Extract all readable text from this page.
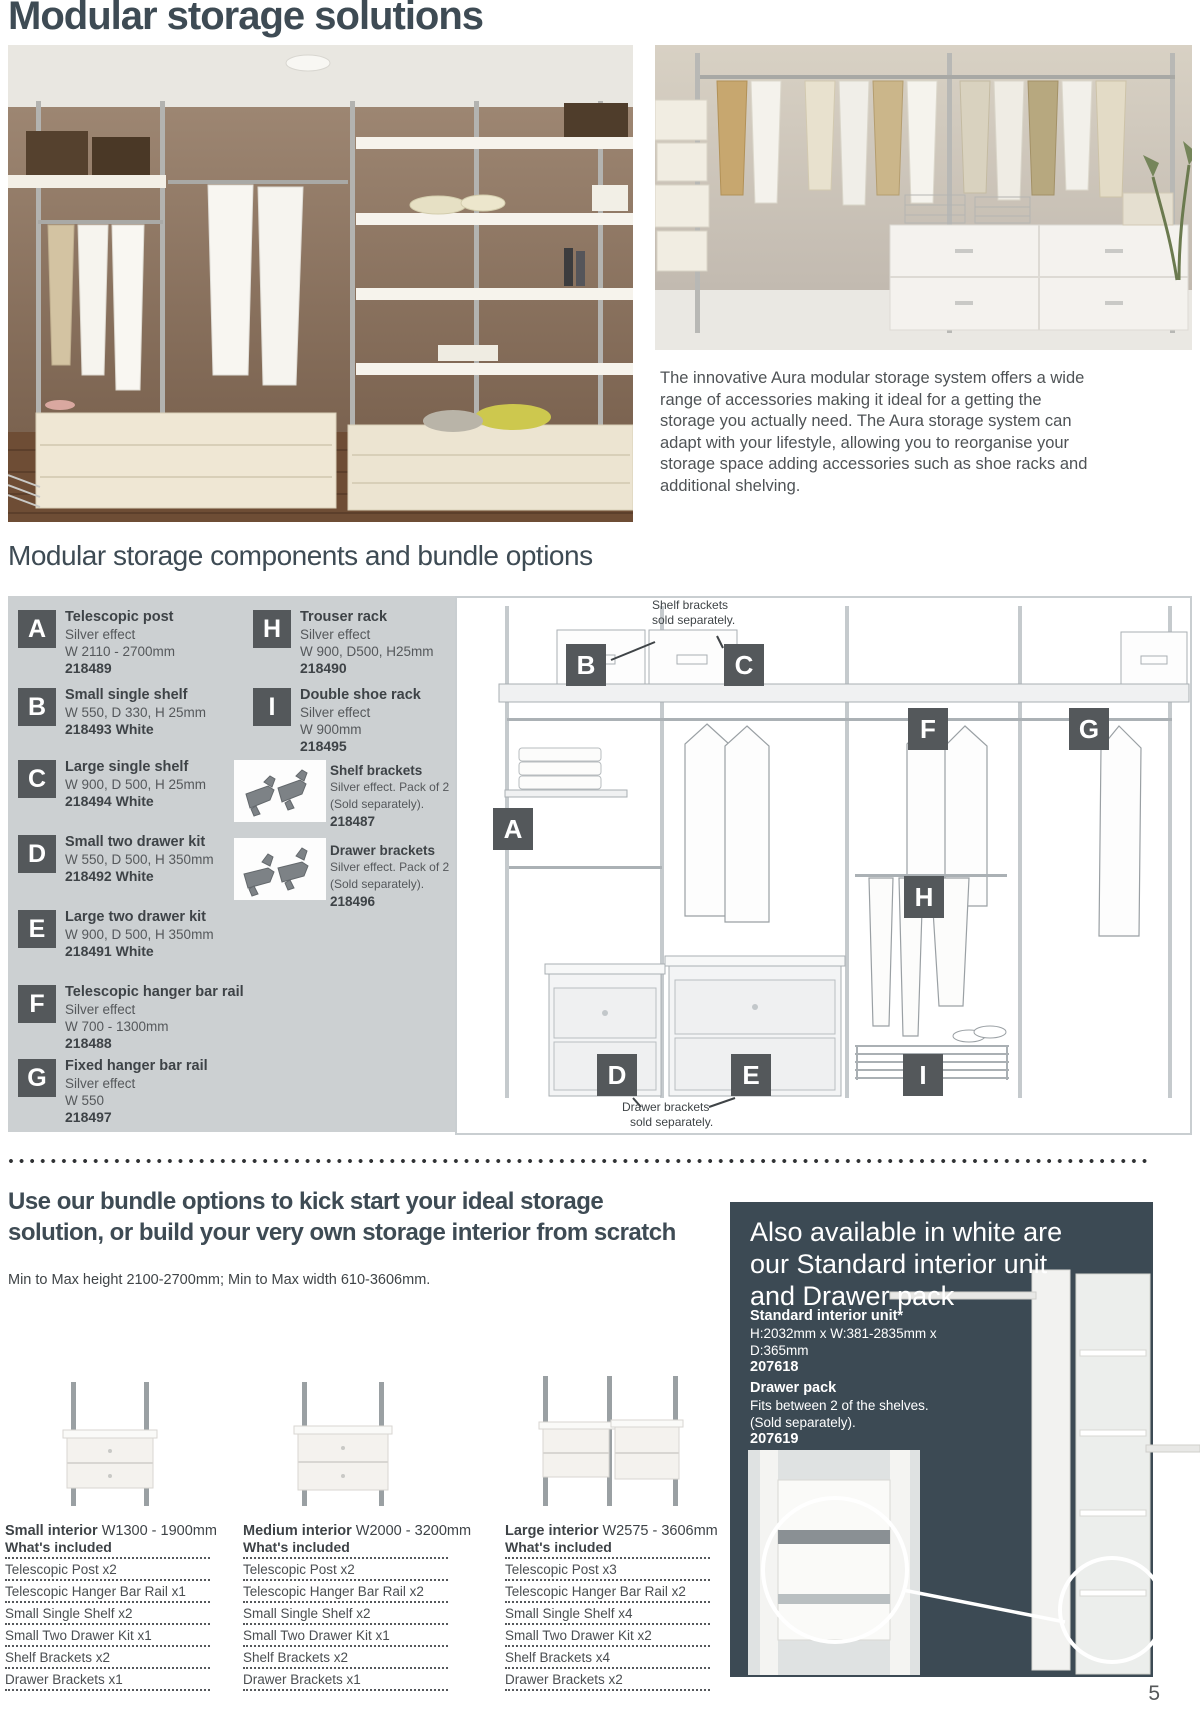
Modular storage solutions
The innovative Aura modular storage system offers a wide range of accessories making it ideal for a getting the storage you actually need. The Aura storage system can adapt with your lifestyle, allowing you to reorganise your storage space adding accessories such as shoe racks and additional shelving.
Modular storage components and bundle options
A	Telescopic post
Silver effect
W 2110 - 2700mm
218489
B	Small single shelf
W 550, D 330, H 25mm
218493 White
C	Large single shelf
W 900, D 500, H 25mm
218494 White
D	Small two drawer kit
W 550, D 500, H 350mm
218492 White
E	Large two drawer kit
W 900, D 500, H 350mm
218491 White
F	Telescopic hanger bar rail
Silver effect
W 700 - 1300mm
218488
G	Fixed hanger bar rail
Silver effect
W 550
218497
H	Trouser rack
Silver effect
W 900, D500, H25mm
218490
I	Double shoe rack
Silver effect
W 900mm
218495
Shelf brackets
Silver effect. Pack of 2
(Sold separately).
218487
Drawer brackets
Silver effect. Pack of 2
(Sold separately).
218496
Shelf brackets
sold separately.
Drawer brackets
sold separately.
A
B	C
D	E
F	G
H
I
Use our bundle options to kick start your ideal storage
solution, or build your very own storage interior from scratch
Min to Max height 2100-2700mm; Min to Max width 610-3606mm.
Small interior W1300 - 1900mm
What's included
Telescopic Post x2
Telescopic Hanger Bar Rail x1
Small Single Shelf x2
Small Two Drawer Kit x1
Shelf Brackets x2
Drawer Brackets x1
Medium interior W2000 - 3200mm
What's included
Telescopic Post x2
Telescopic Hanger Bar Rail x2
Small Single Shelf x2
Small Two Drawer Kit x1
Shelf Brackets x2
Drawer Brackets x1
Large interior W2575 - 3606mm
What's included
Telescopic Post x3
Telescopic Hanger Bar Rail x2
Small Single Shelf x4
Small Two Drawer Kit x2
Shelf Brackets x4
Drawer Brackets x2
Also available in white are
our Standard interior unit
and Drawer pack
Standard interior unit*
H:2032mm x W:381-2835mm x
D:365mm
207618
Drawer pack
Fits between 2 of the shelves.
(Sold separately).
207619
5
